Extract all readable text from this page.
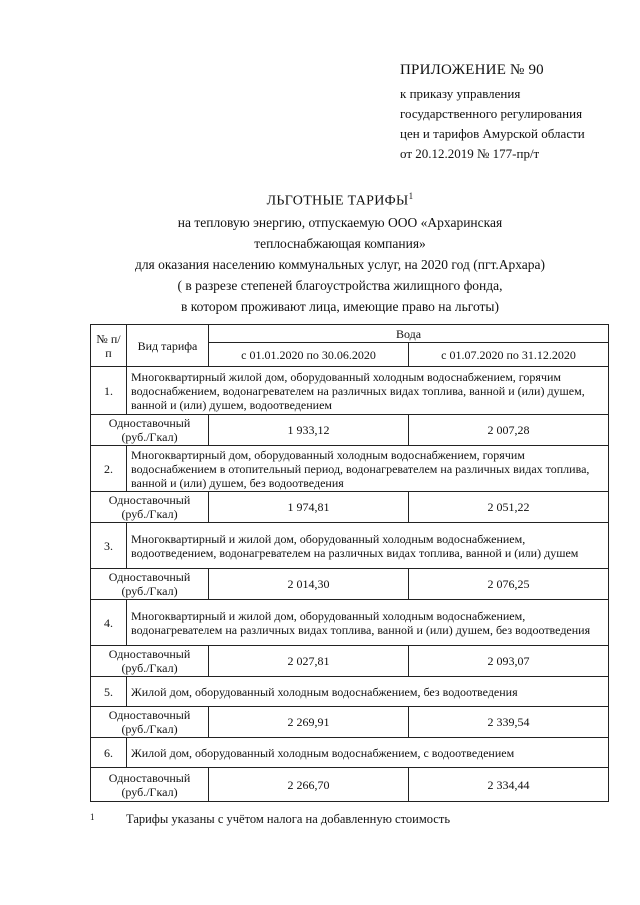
ПРИЛОЖЕНИЕ № 90
к приказу управления
государственного регулирования
цен и тарифов Амурской области
от 20.12.2019 № 177-пр/т
ЛЬГОТНЫЕ ТАРИФЫ$^1$
на тепловую энергию, отпускаемую ООО «Архаринская
теплоснабжающая компания»
для оказания населению коммунальных услуг, на 2020 год (пгт.Архара)
( в разрезе степеней благоустройства жилищного фонда,
в котором проживают лица, имеющие право на льготы)
№ п/п	Вид тарифа	Вода	
		с 01.01.2020 по 30.06.2020	с 01.07.2020 по 31.12.2020
1.	Многоквартирный жилой дом, оборудованный холодным водоснабжением, горячим водоснабжением, водонагревателем на различных видах топлива, ванной и (или) душем, ванной и (или) душем, водоотведением		
Одноставочный (руб./Гкал)		1 933,12	2 007,28
2.	Многоквартирный дом, оборудованный холодным водоснабжением, горячим водоснабжением в отопительный период, водонагревателем на различных видах топлива, ванной и (или) душем, без водоотведения		
Одноставочный (руб./Гкал)		1 974,81	2 051,22
3.	Многоквартирный и жилой дом, оборудованный холодным водоснабжением, водоотведением, водонагревателем на различных видах топлива, ванной и (или) душем		
Одноставочный (руб./Гкал)		2 014,30	2 076,25
4.	Многоквартирный и жилой дом, оборудованный холодным водоснабжением, водонагревателем на различных видах топлива, ванной и (или) душем, без водоотведения		
Одноставочный (руб./Гкал)		2 027,81	2 093,07
5.	Жилой дом, оборудованный холодным водоснабжением, без водоотведения		
Одноставочный (руб./Гкал)		2 269,91	2 339,54
6.	Жилой дом, оборудованный холодным водоснабжением, с водоотведением		
Одноставочный (руб./Гкал)		2 266,70	2 334,44
1	Тарифы указаны с учётом налога на добавленную стоимость
